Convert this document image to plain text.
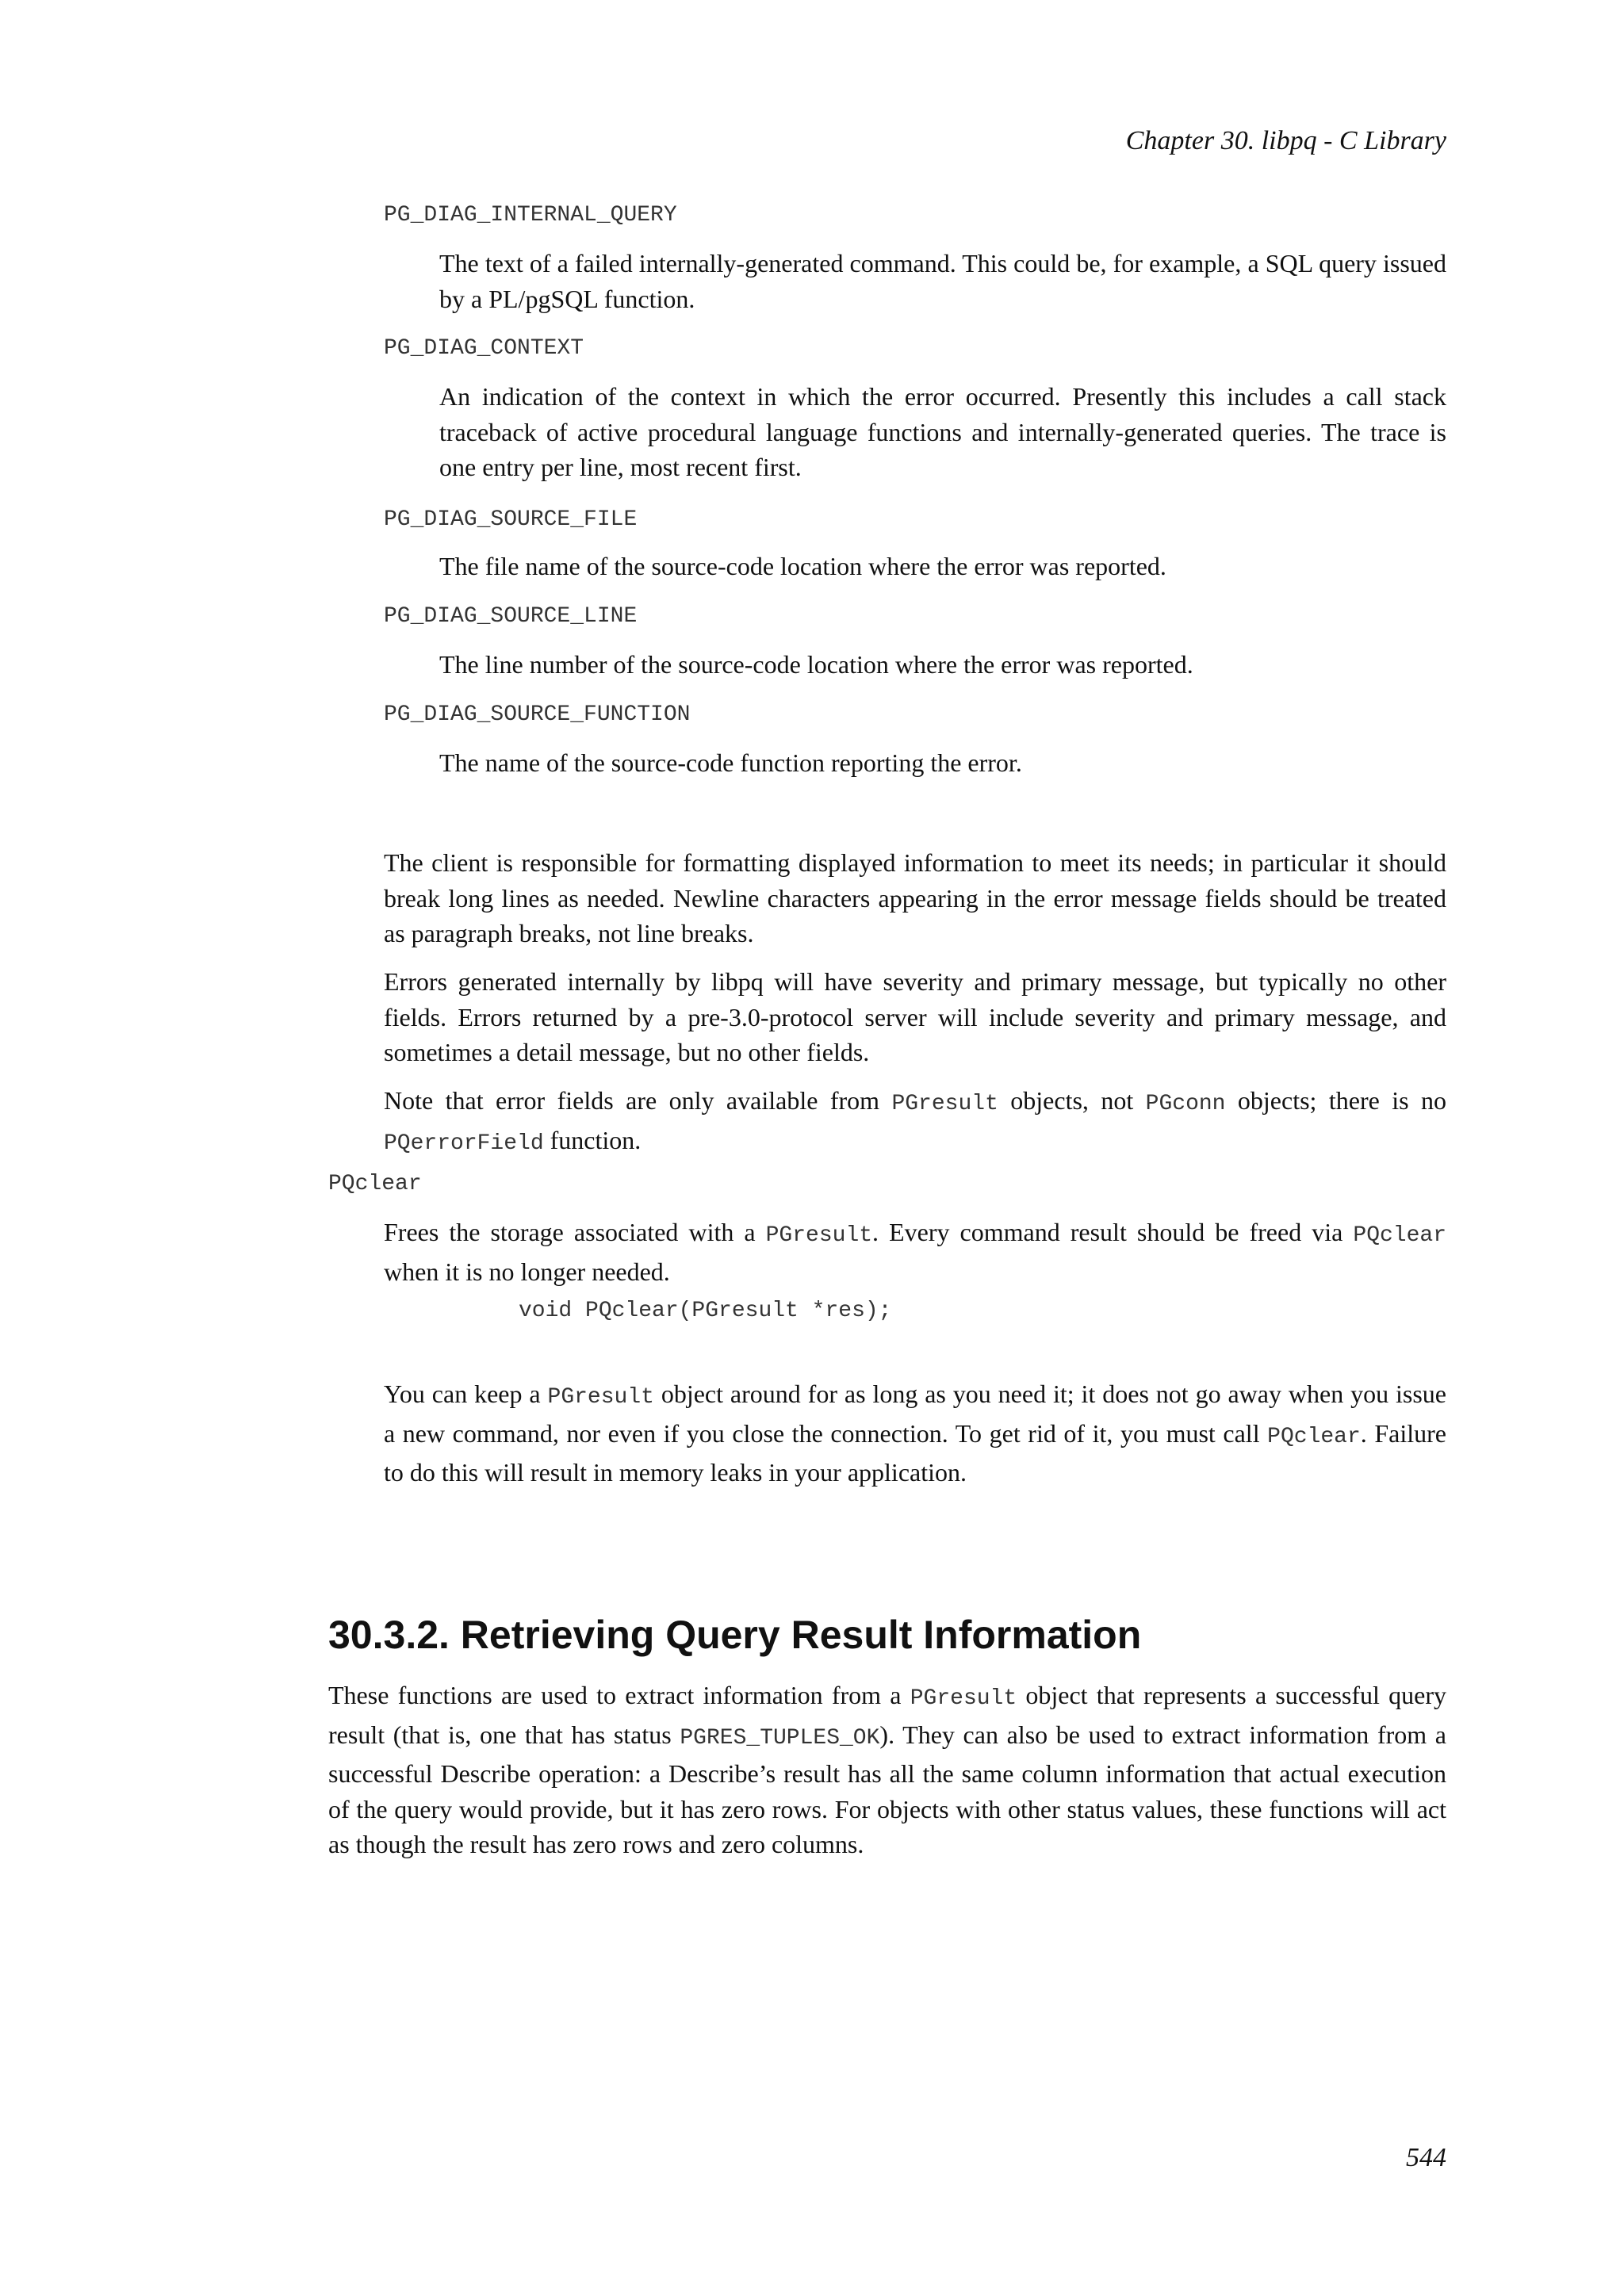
Chapter 30. libpq - C Library
PG_DIAG_INTERNAL_QUERY

The text of a failed internally-generated command. This could be, for example, a SQL query issued by a PL/pgSQL function.

PG_DIAG_CONTEXT

An indication of the context in which the error occurred. Presently this includes a call stack traceback of active procedural language functions and internally-generated queries. The trace is one entry per line, most recent first.

PG_DIAG_SOURCE_FILE

The file name of the source-code location where the error was reported.

PG_DIAG_SOURCE_LINE

The line number of the source-code location where the error was reported.

PG_DIAG_SOURCE_FUNCTION

The name of the source-code function reporting the error.

The client is responsible for formatting displayed information to meet its needs; in particular it should break long lines as needed. Newline characters appearing in the error message fields should be treated as paragraph breaks, not line breaks.

Errors generated internally by libpq will have severity and primary message, but typically no other fields. Errors returned by a pre-3.0-protocol server will include severity and primary message, and sometimes a detail message, but no other fields.

Note that error fields are only available from PGresult objects, not PGconn objects; there is no PQerrorField function.

PQclear

Frees the storage associated with a PGresult. Every command result should be freed via PQclear when it is no longer needed.

void PQclear(PGresult *res);

You can keep a PGresult object around for as long as you need it; it does not go away when you issue a new command, nor even if you close the connection. To get rid of it, you must call PQclear. Failure to do this will result in memory leaks in your application.

30.3.2. Retrieving Query Result Information

These functions are used to extract information from a PGresult object that represents a successful query result (that is, one that has status PGRES_TUPLES_OK). They can also be used to extract information from a successful Describe operation: a Describe’s result has all the same column information that actual execution of the query would provide, but it has zero rows. For objects with other status values, these functions will act as though the result has zero rows and zero columns.

544
